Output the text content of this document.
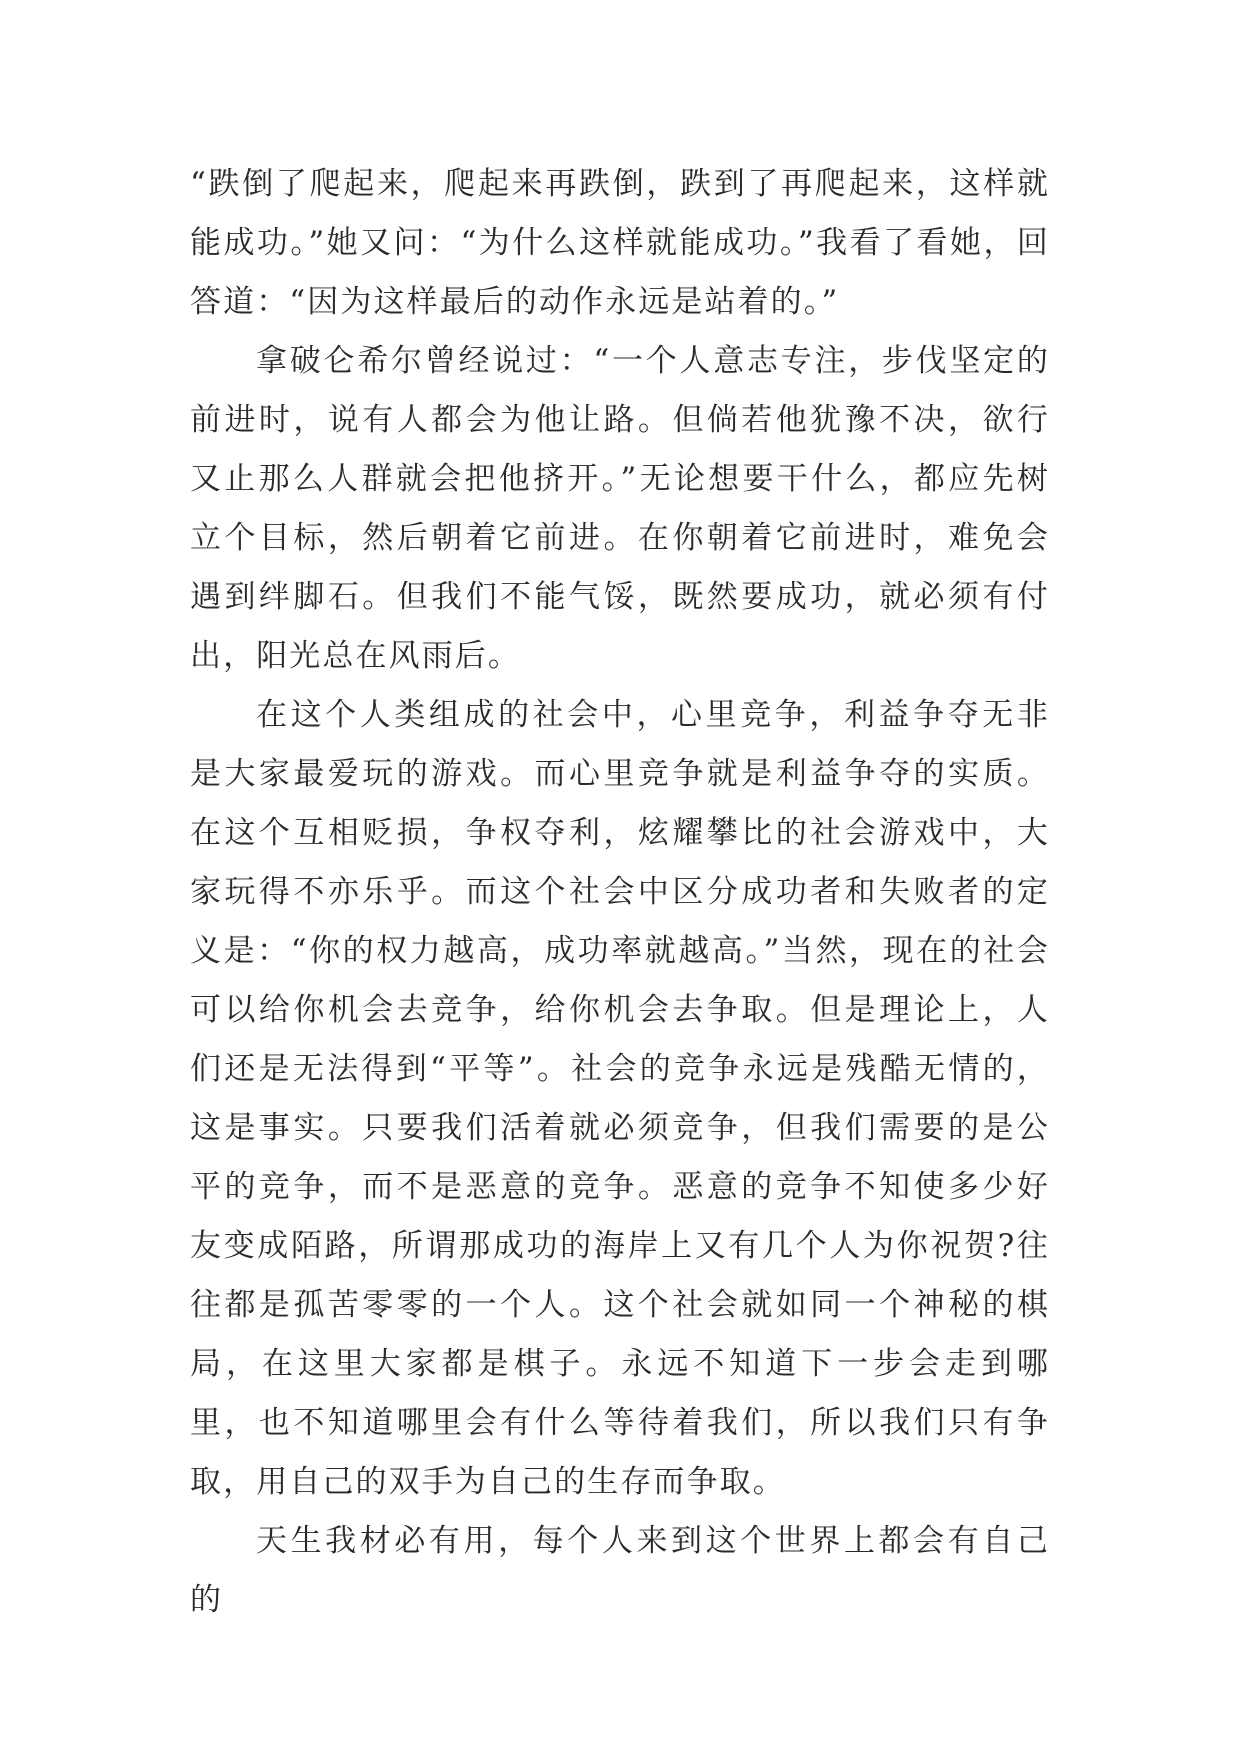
“跌倒了爬起来，爬起来再跌倒，跌到了再爬起来，这样就能成功。”她又问：“为什么这样就能成功。”我看了看她，回答道：“因为这样最后的动作永远是站着的。”

拿破仑希尔曾经说过：“一个人意志专注，步伐坚定的前进时，说有人都会为他让路。但倘若他犹豫不决，欲行又止那么人群就会把他挤开。”无论想要干什么，都应先树立个目标，然后朝着它前进。在你朝着它前进时，难免会遇到绊脚石。但我们不能气馁，既然要成功，就必须有付出，阳光总在风雨后。

在这个人类组成的社会中，心里竞争，利益争夺无非是大家最爱玩的游戏。而心里竞争就是利益争夺的实质。在这个互相贬损，争权夺利，炫耀攀比的社会游戏中，大家玩得不亦乐乎。而这个社会中区分成功者和失败者的定义是：“你的权力越高，成功率就越高。”当然，现在的社会可以给你机会去竞争，给你机会去争取。但是理论上，人们还是无法得到“平等”。社会的竞争永远是残酷无情的，这是事实。只要我们活着就必须竞争，但我们需要的是公平的竞争，而不是恶意的竞争。恶意的竞争不知使多少好友变成陌路，所谓那成功的海岸上又有几个人为你祝贺?往往都是孤苦零零的一个人。这个社会就如同一个神秘的棋局，在这里大家都是棋子。永远不知道下一步会走到哪里，也不知道哪里会有什么等待着我们，所以我们只有争取，用自己的双手为自己的生存而争取。

天生我材必有用，每个人来到这个世界上都会有自己的
